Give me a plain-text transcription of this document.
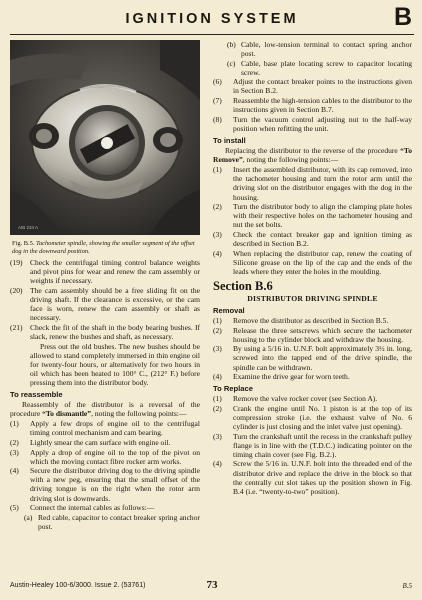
IGNITION SYSTEM	B
AIB 234 A
Fig. B.5. Tachometer spindle, showing the smaller segment of the offset dog in the downward position.
(19) Check the centrifugal timing control balance weights and pivot pins for wear and renew the cam assembly or weights if necessary.
(20) The cam assembly should be a free sliding fit on the driving shaft. If the clearance is excessive, or the cam face is worn, renew the cam assembly or shaft as necessary.
(21) Check the fit of the shaft in the body bearing bushes. If slack, renew the bushes and shaft, as necessary.
Press out the old bushes. The new bushes should be allowed to stand completely immersed in thin engine oil for twenty-four hours, or alternatively for two hours in oil which has been heated to 100° C., (212° F.) before pressing them into the distributor body.
To reassemble
Reassembly of the distributor is a reversal of the procedure “To dismantle”, noting the following points:—
(1)	Apply a few drops of engine oil to the centrifugal timing control mechanism and cam bearing.
(2)	Lightly smear the cam surface with engine oil.
(3)	Apply a drop of engine oil to the top of the pivot on which the moving contact fibre rocker arm works.
(4)	Secure the distributor driving dog to the driving spindle with a new peg, ensuring that the small offset of the driving tongue is on the right when the rotor arm driving slot is downwards.
(5)	Connect the internal cables as follows:—
(a) Red cable, capacitor to contact breaker spring anchor post.
(b) Cable, low-tension terminal to contact spring anchor post.
(c) Cable, base plate locating screw to capacitor locating screw.
(6)	Adjust the contact breaker points to the instructions given in Section B.2.
(7)	Reassemble the high-tension cables to the distributor to the instructions given in Section B.7.
(8)	Turn the vacuum control adjusting nut to the half-way position when refitting the unit.
To install
Replacing the distributor to the reverse of the procedure “To Remove”, noting the following points:—
(1)	Insert the assembled distributor, with its cap removed, into the tachometer housing and turn the rotor arm until the driving slot on the distributor engages with the dog in the housing.
(2)	Turn the distributor body to align the clamping plate holes with their respective holes on the tachometer housing and nut the set bolts.
(3)	Check the contact breaker gap and ignition timing as described in Section B.2.
(4)	When replacing the distributor cap, renew the coating of Silicone grease on the lip of the cap and the ends of the leads where they enter the holes in the moulding.
Section B.6
DISTRIBUTOR DRIVING SPINDLE
Removal
(1)	Remove the distributor as described in Section B.5.
(2)	Release the three setscrews which secure the tachometer housing to the cylinder block and withdraw the housing.
(3)	By using a 5/16 in. U.N.F. bolt approximately 3½ in. long, screwed into the tapped end of the drive spindle, the spindle can be withdrawn.
(4)	Examine the drive gear for worn teeth.
To Replace
(1)	Remove the valve rocker cover (see Section A).
(2)	Crank the engine until No. 1 piston is at the top of its compression stroke (i.e. the exhaust valve of No. 6 cylinder is just closing and the inlet valve just opening).
(3)	Turn the crankshaft until the recess in the crankshaft pulley flange is in line with the (T.D.C.) indicating pointer on the timing chain cover (see Fig. B.2.).
(4)	Screw the 5/16 in. U.N.F. bolt into the threaded end of the distributor drive and replace the drive in the block so that the centrally cut slot takes up the position shown in Fig. B.4 (i.e. “twenty-to-two” position).
Austin-Healey 100-6/3000. Issue 2. (53761)	73	B.5
